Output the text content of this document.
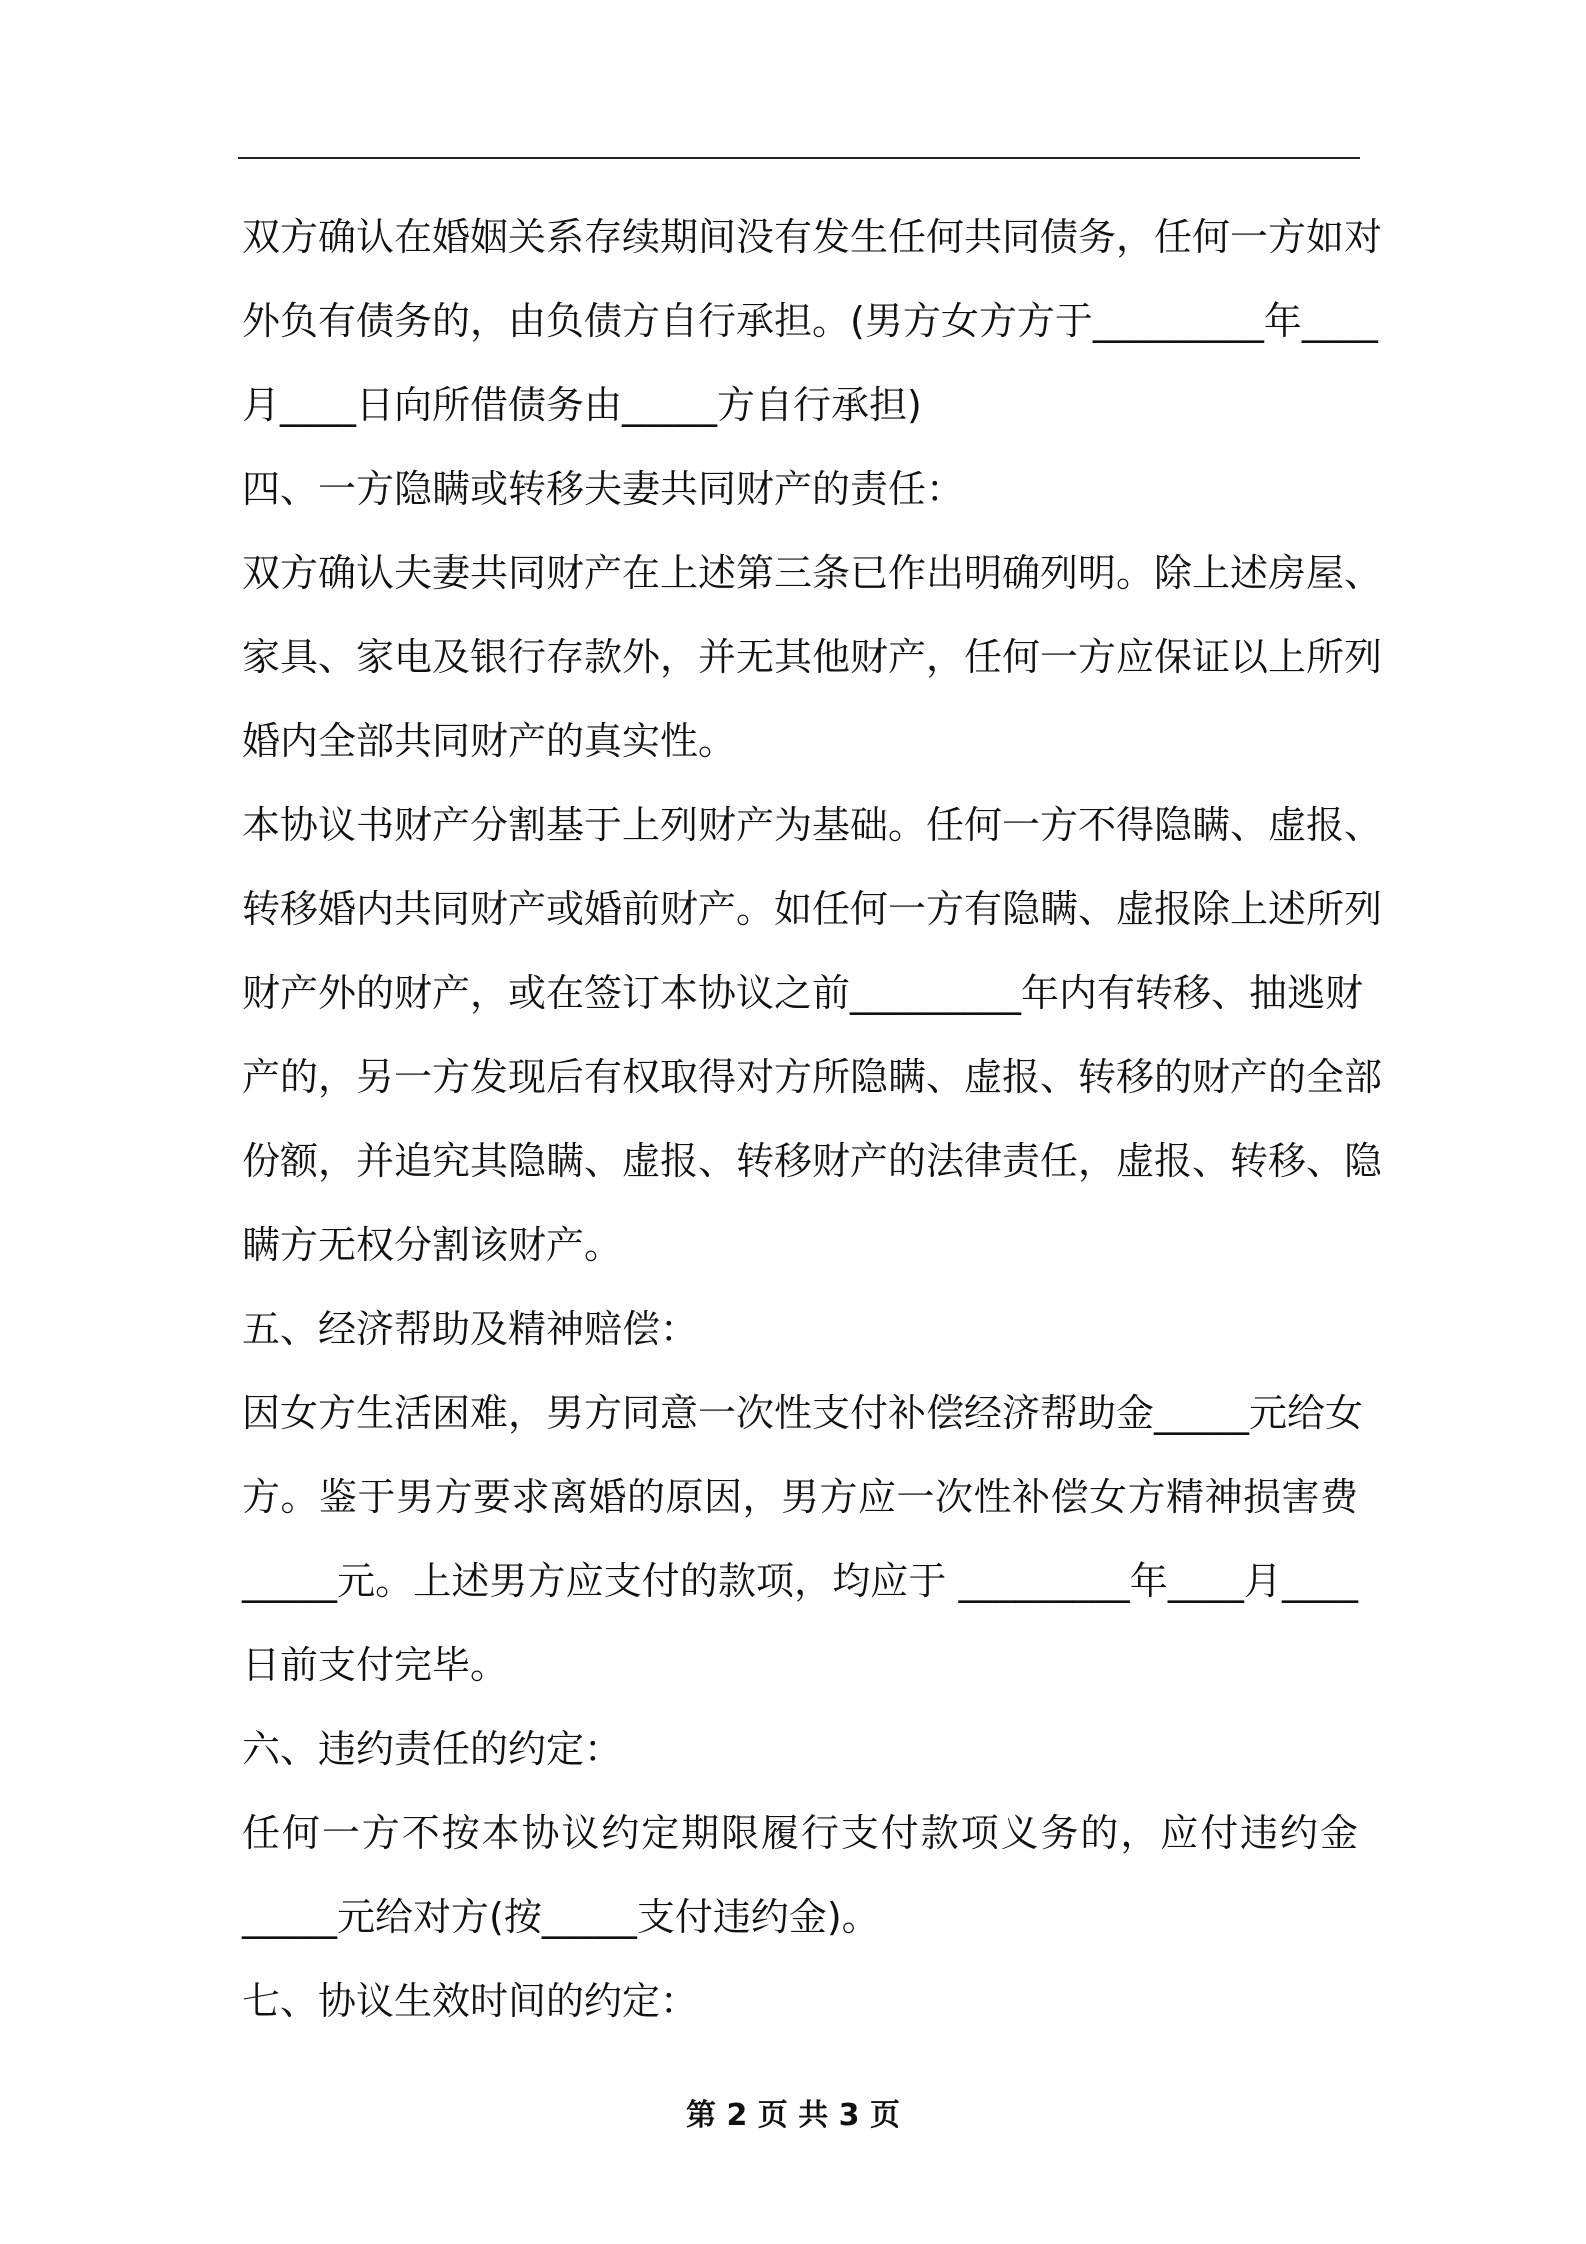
双方确认在婚姻关系存续期间没有发生任何共同债务，任何一方如对
外负有债务的，由负债方自行承担。(男方女方方于_________年____
月____日向所借债务由_____方自行承担)
四、一方隐瞒或转移夫妻共同财产的责任：
双方确认夫妻共同财产在上述第三条已作出明确列明。除上述房屋、
家具、家电及银行存款外，并无其他财产，任何一方应保证以上所列
婚内全部共同财产的真实性。
本协议书财产分割基于上列财产为基础。任何一方不得隐瞒、虚报、
转移婚内共同财产或婚前财产。如任何一方有隐瞒、虚报除上述所列
财产外的财产，或在签订本协议之前_________年内有转移、抽逃财
产的，另一方发现后有权取得对方所隐瞒、虚报、转移的财产的全部
份额，并追究其隐瞒、虚报、转移财产的法律责任，虚报、转移、隐
瞒方无权分割该财产。
五、经济帮助及精神赔偿：
因女方生活困难，男方同意一次性支付补偿经济帮助金_____元给女
方。鉴于男方要求离婚的原因，男方应一次性补偿女方精神损害费
_____元。上述男方应支付的款项，均应于 _________年____月____
日前支付完毕。
六、违约责任的约定：
任何一方不按本协议约定期限履行支付款项义务的，应付违约金
_____元给对方(按_____支付违约金)。
七、协议生效时间的约定：
第 2 页 共 3 页
